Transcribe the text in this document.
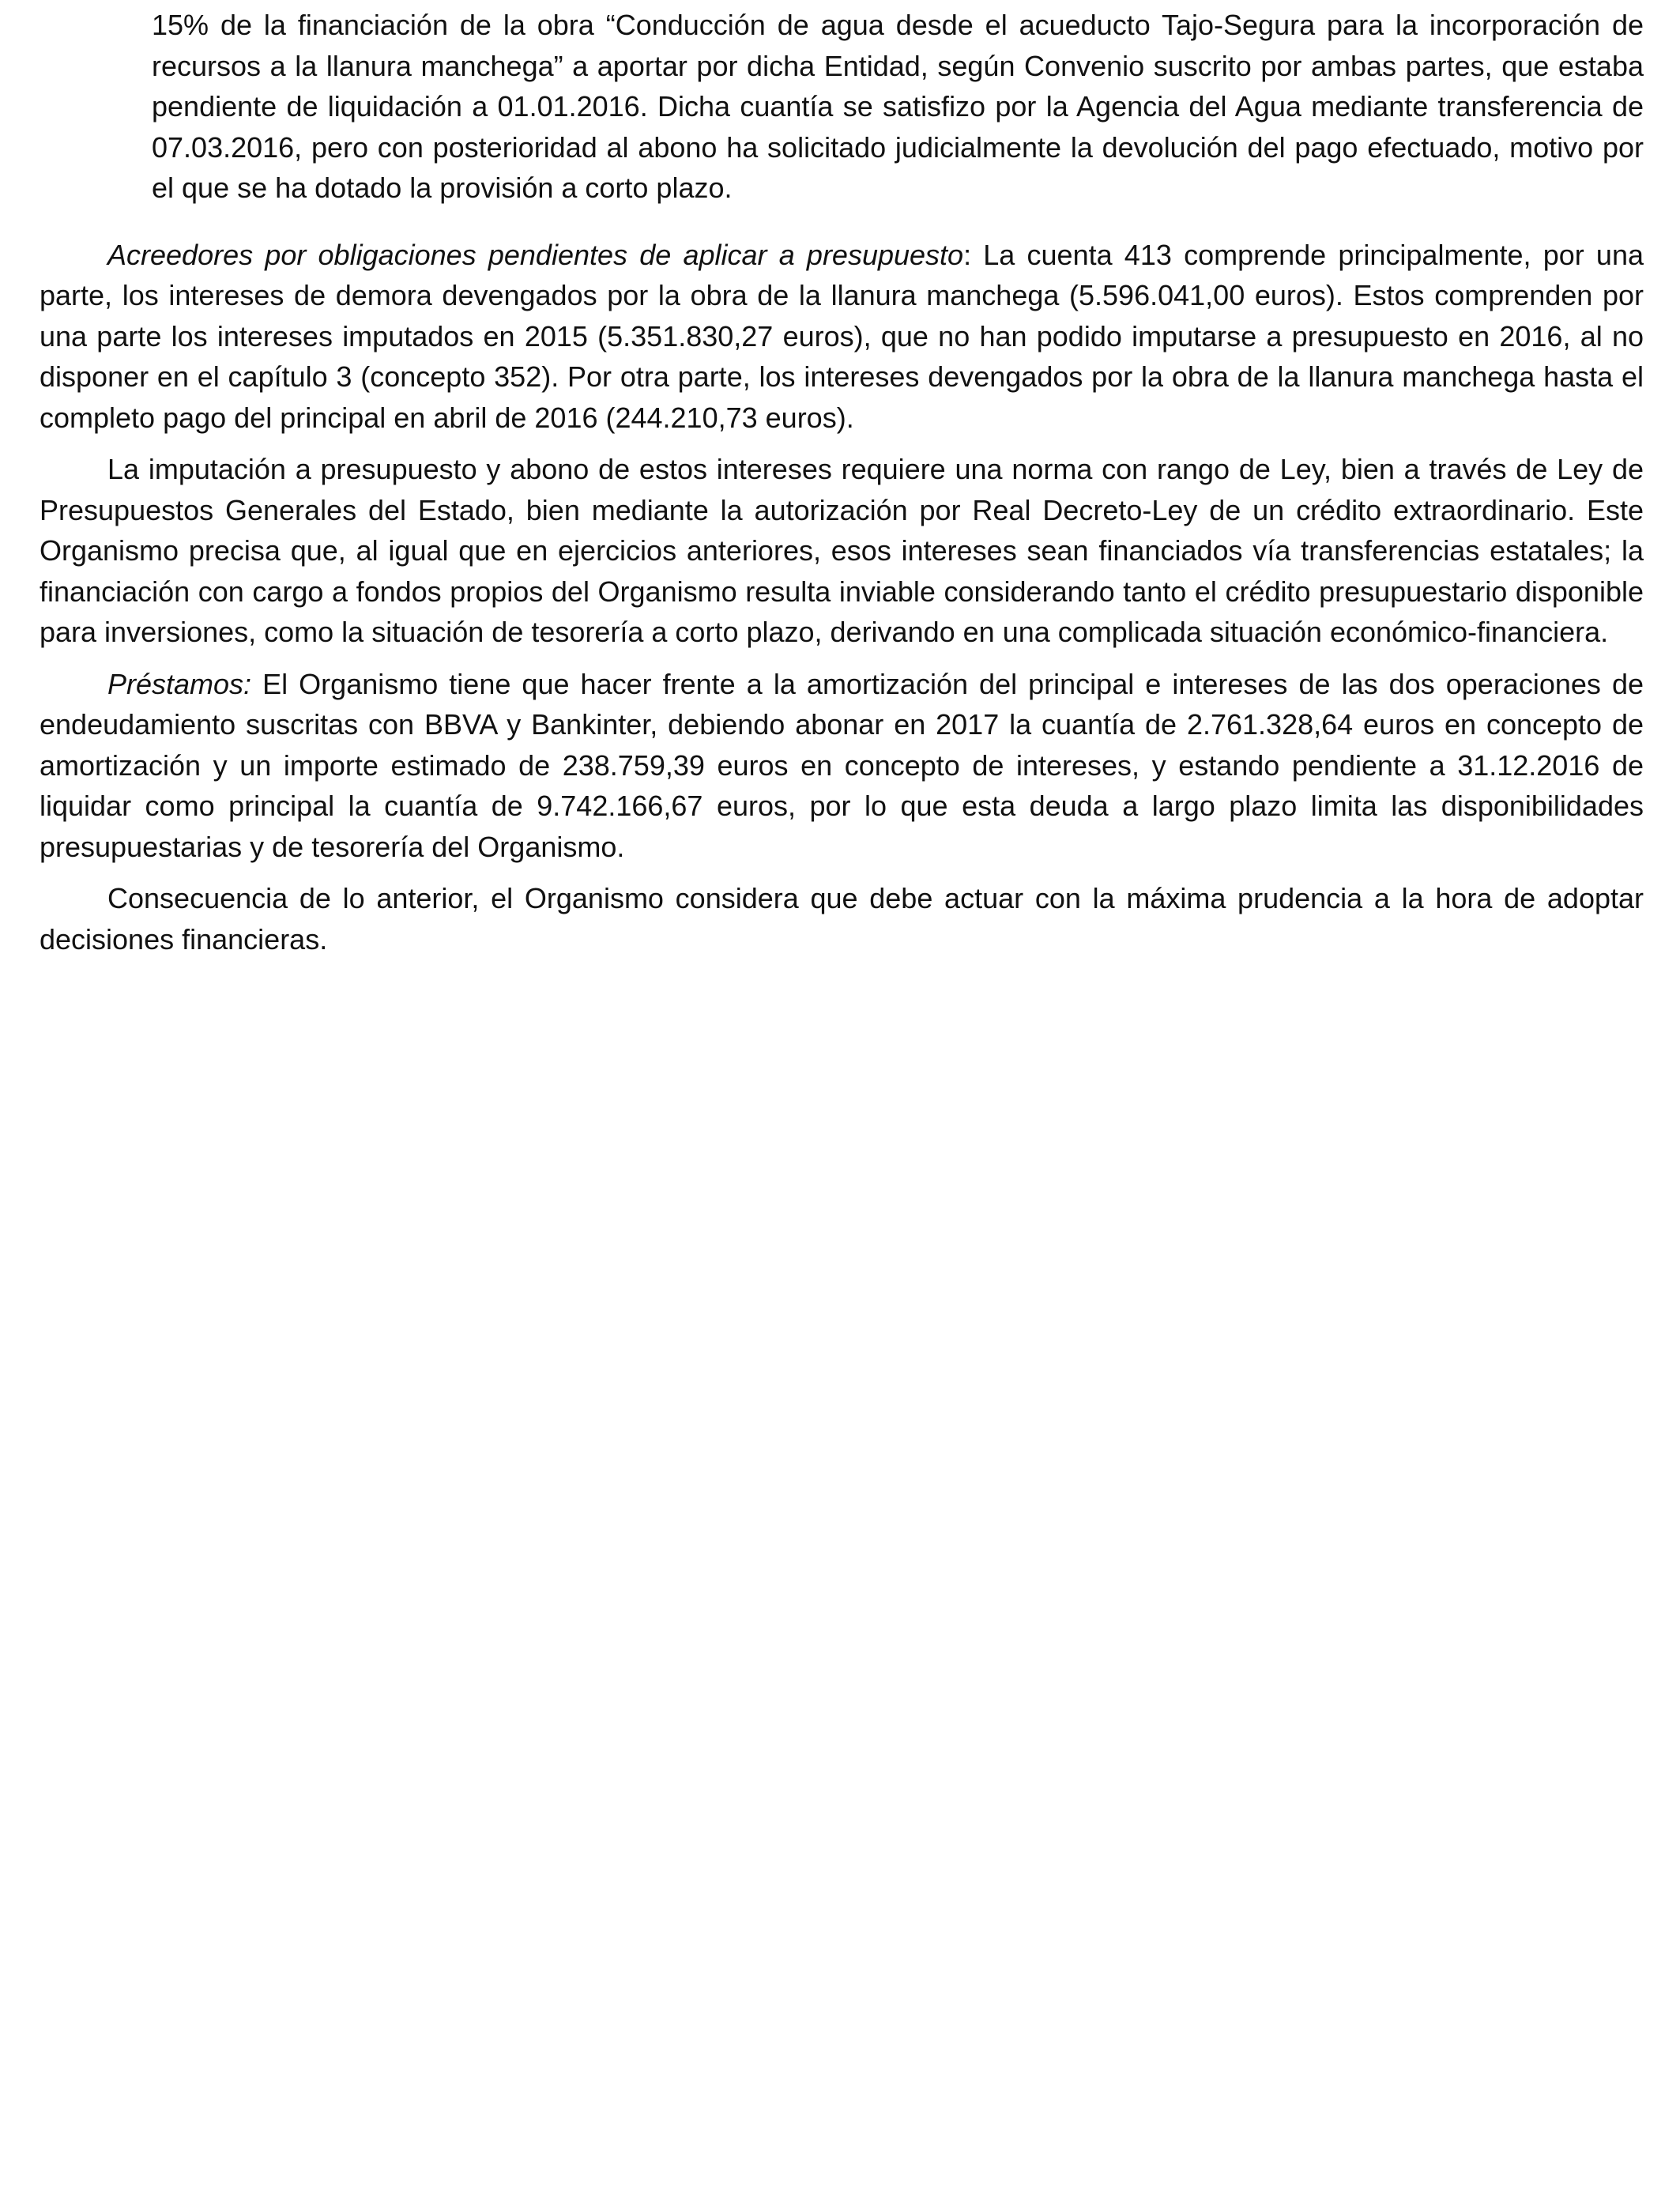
15% de la financiación de la obra “Conducción de agua desde el acueducto Tajo-Segura para la incorporación de recursos a la llanura manchega” a aportar por dicha Entidad, según Convenio suscrito por ambas partes, que estaba pendiente de liquidación a 01.01.2016. Dicha cuantía se satisfizo por la Agencia del Agua mediante transferencia de 07.03.2016, pero con posterioridad al abono ha solicitado judicialmente la devolución del pago efectuado, motivo por el que se ha dotado la provisión a corto plazo.

Acreedores por obligaciones pendientes de aplicar a presupuesto: La cuenta 413 comprende principalmente, por una parte, los intereses de demora devengados por la obra de la llanura manchega (5.596.041,00 euros). Estos comprenden por una parte los intereses imputados en 2015 (5.351.830,27 euros), que no han podido imputarse a presupuesto en 2016, al no disponer en el capítulo 3 (concepto 352). Por otra parte, los intereses devengados por la obra de la llanura manchega hasta el completo pago del principal en abril de 2016 (244.210,73 euros).

La imputación a presupuesto y abono de estos intereses requiere una norma con rango de Ley, bien a través de Ley de Presupuestos Generales del Estado, bien mediante la autorización por Real Decreto-Ley de un crédito extraordinario. Este Organismo precisa que, al igual que en ejercicios anteriores, esos intereses sean financiados vía transferencias estatales; la financiación con cargo a fondos propios del Organismo resulta inviable considerando tanto el crédito presupuestario disponible para inversiones, como la situación de tesorería a corto plazo, derivando en una complicada situación económico-financiera.

Préstamos: El Organismo tiene que hacer frente a la amortización del principal e intereses de las dos operaciones de endeudamiento suscritas con BBVA y Bankinter, debiendo abonar en 2017 la cuantía de 2.761.328,64 euros en concepto de amortización y un importe estimado de 238.759,39 euros en concepto de intereses, y estando pendiente a 31.12.2016 de liquidar como principal la cuantía de 9.742.166,67 euros, por lo que esta deuda a largo plazo limita las disponibilidades presupuestarias y de tesorería del Organismo.

Consecuencia de lo anterior, el Organismo considera que debe actuar con la máxima prudencia a la hora de adoptar decisiones financieras.
